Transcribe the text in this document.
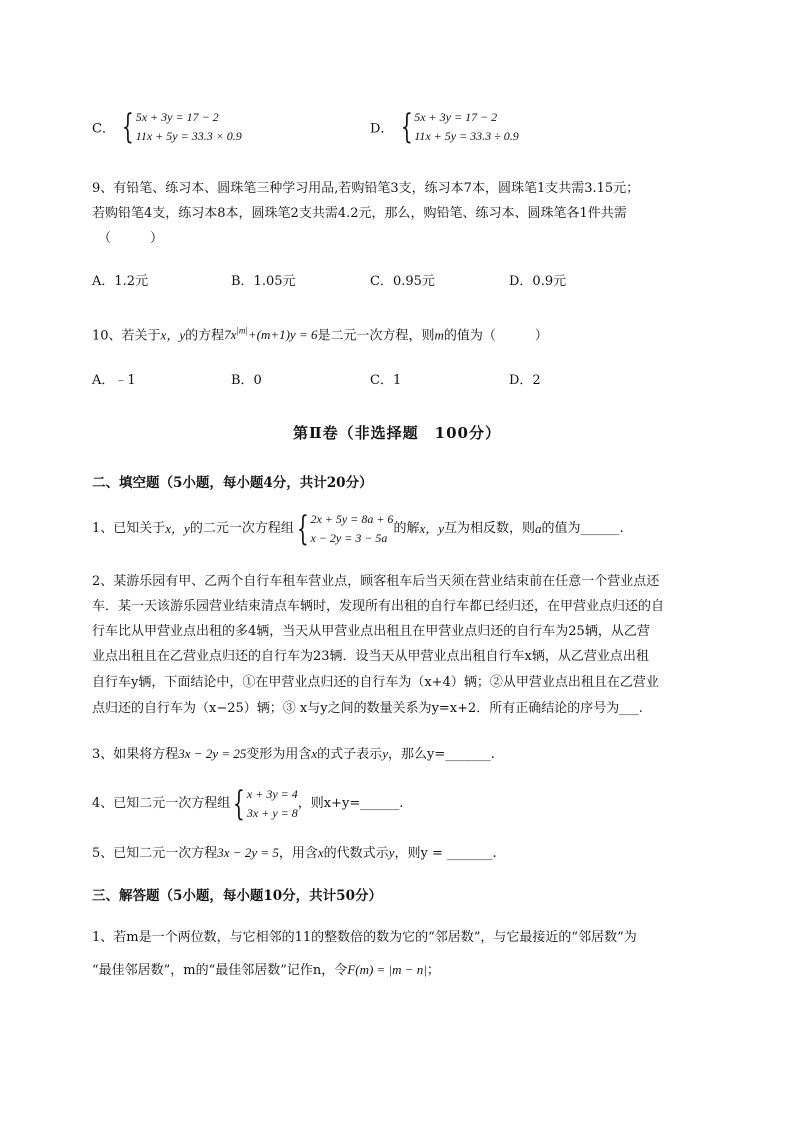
C． { 5x + 3y = 17 − 2
11x + 5y = 33.3 × 0.9	D． { 5x + 3y = 17 − 2
11x + 5y = 33.3 ÷ 0.9
9、有铅笔、练习本、圆珠笔三种学习用品,若购铅笔3支，练习本7本，圆珠笔1支共需3.15元；
若购铅笔4支，练习本8本，圆珠笔2支共需4.2元，那么，购铅笔、练习本、圆珠笔各1件共需
（　　　）
A．1.2元	B．1.05元	C．0.95元	D．0.9元
10、若关于x，y的方程$7x^{|m|}+(m+1)y = 6$是二元一次方程，则m的值为（　　　）
A．﹣1	B．0	C．1	D．2
第Ⅱ卷（非选择题　100分）
二、填空题（5小题，每小题4分，共计20分）
1、已知关于x，y的二元一次方程组 { 2x + 5y = 8a + 6
x − 2y = 3 − 5a
的解x，y互为相反数，则a的值为______.
2、某游乐园有甲、乙两个自行车租车营业点，顾客租车后当天须在营业结束前在任意一个营业点还
车．某一天该游乐园营业结束清点车辆时，发现所有出租的自行车都已经归还，在甲营业点归还的自
行车比从甲营业点出租的多4辆，当天从甲营业点出租且在甲营业点归还的自行车为25辆，从乙营
业点出租且在乙营业点归还的自行车为23辆．设当天从甲营业点出租自行车x辆，从乙营业点出租
自行车y辆，下面结论中，①在甲营业点归还的自行车为（x+4）辆；②从甲营业点出租且在乙营业
点归还的自行车为（x−25）辆；③ x与y之间的数量关系为y=x+2．所有正确结论的序号为___.
3、如果将方程3x − 2y = 25变形为用含x的式子表示y，那么y=_______.
4、已知二元一次方程组 { x + 3y = 4
3x + y = 8
，则x+y=______.
5、已知二元一次方程3x − 2y = 5，用含x的代数式示y，则y = _______.
三、解答题（5小题，每小题10分，共计50分）
1、若m是一个两位数，与它相邻的11的整数倍的数为它的“邻居数”，与它最接近的“邻居数”为
“最佳邻居数”，m的“最佳邻居数”记作n，令F(m) = |m − n|；
